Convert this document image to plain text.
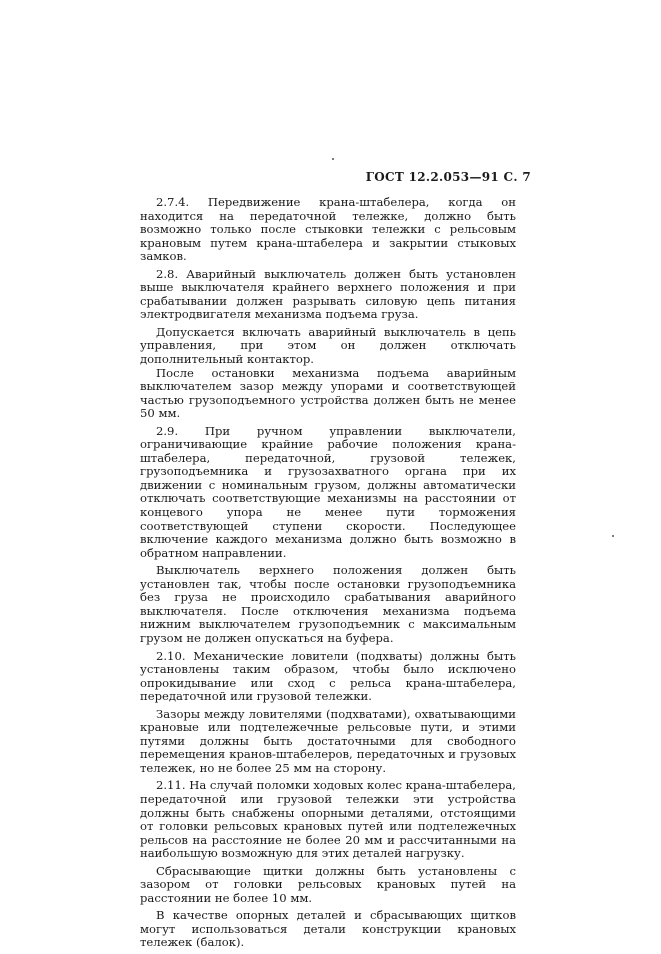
ГОСТ 12.2.053—91 С. 7

2.7.4. Передвижение крана-штабелера, когда он находится на передаточной тележке, должно быть возможно только после стыковки тележки с рельсовым крановым путем крана-штабелера и закрытии стыковых замков.

2.8. Аварийный выключатель должен быть установлен выше выключателя крайнего верхнего положения и при срабатывании должен разрывать силовую цепь питания электродвигателя механизма подъема груза.

Допускается включать аварийный выключатель в цепь управления, при этом он должен отключать дополнительный контактор.

После остановки механизма подъема аварийным выключателем зазор между упорами и соответствующей частью грузоподъемного устройства должен быть не менее 50 мм.

2.9. При ручном управлении выключатели, ограничивающие крайние рабочие положения крана-штабелера, передаточной, грузовой тележек, грузоподъемника и грузозахватного органа при их движении с номинальным грузом, должны автоматически отключать соответствующие механизмы на расстоянии от концевого упора не менее пути торможения соответствующей ступени скорости. Последующее включение каждого механизма должно быть возможно в обратном направлении.

Выключатель верхнего положения должен быть установлен так, чтобы после остановки грузоподъемника без груза не происходило срабатывания аварийного выключателя. После отключения механизма подъема нижним выключателем грузоподъемник с максимальным грузом не должен опускаться на буфера.

2.10. Механические ловители (подхваты) должны быть установлены таким образом, чтобы было исключено опрокидывание или сход с рельса крана-штабелера, передаточной или грузовой тележки.

Зазоры между ловителями (подхватами), охватывающими крановые или подтележечные рельсовые пути, и этими путями должны быть достаточными для свободного перемещения кранов-штабелеров, передаточных и грузовых тележек, но не более 25 мм на сторону.

2.11. На случай поломки ходовых колес крана-штабелера, передаточной или грузовой тележки эти устройства должны быть снабжены опорными деталями, отстоящими от головки рельсовых крановых путей или подтележечных рельсов на расстояние не более 20 мм и рассчитанными на наибольшую возможную для этих деталей нагрузку.

Сбрасывающие щитки должны быть установлены с зазором от головки рельсовых крановых путей на расстоянии не более 10 мм.

В качестве опорных деталей и сбрасывающих щитков могут использоваться детали конструкции крановых тележек (балок).
